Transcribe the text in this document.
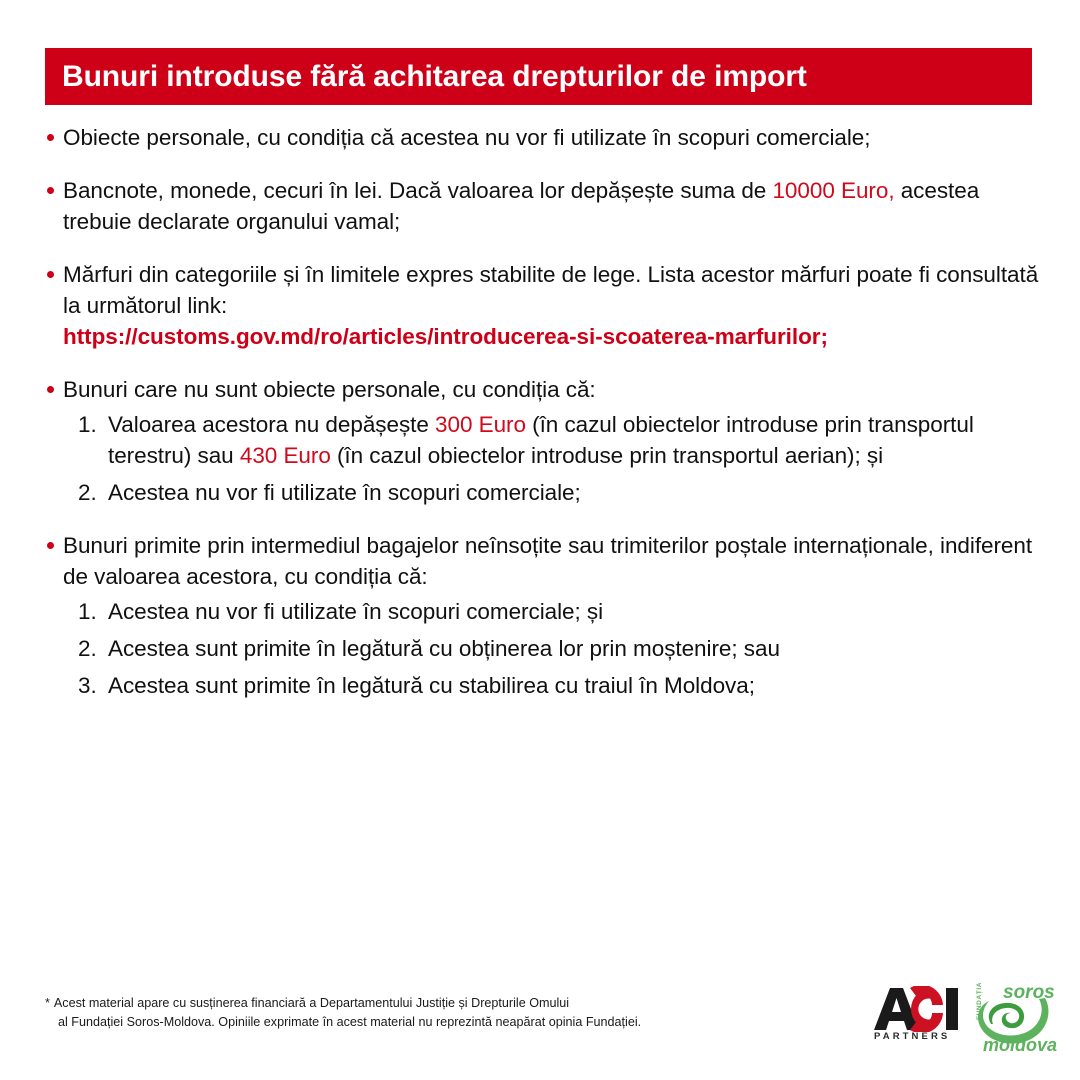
Bunuri introduse fără achitarea drepturilor de import
Obiecte personale, cu condiția că acestea nu vor fi utilizate în scopuri comerciale;
Bancnote, monede, cecuri în lei. Dacă valoarea lor depășește suma de 10000 Euro, acestea trebuie declarate organului vamal;
Mărfuri din categoriile și în limitele expres stabilite de lege. Lista acestor mărfuri poate fi consultată la următorul link:
https://customs.gov.md/ro/articles/introducerea-si-scoaterea-marfurilor;
Bunuri care nu sunt obiecte personale, cu condiția că:
1. Valoarea acestora nu depășește 300 Euro (în cazul obiectelor introduse prin transportul terestru) sau 430 Euro (în cazul obiectelor introduse prin transportul aerian); și
2. Acestea nu vor fi utilizate în scopuri comerciale;
Bunuri primite prin intermediul bagajelor neînsoțite sau trimiterilor poștale internaționale, indiferent de valoarea acestora, cu condiția că:
1. Acestea nu vor fi utilizate în scopuri comerciale; și
2. Acestea sunt primite în legătură cu obținerea lor prin moștenire; sau
3. Acestea sunt primite în legătură cu stabilirea cu traiul în Moldova;
* Acest material apare cu susținerea financiară a Departamentului Justiție și Drepturile Omului
al Fundației Soros-Moldova. Opiniile exprimate în acest material nu reprezintă neapărat opinia Fundației.
PARTNERS
soros
moldova
FUNDAȚIA
